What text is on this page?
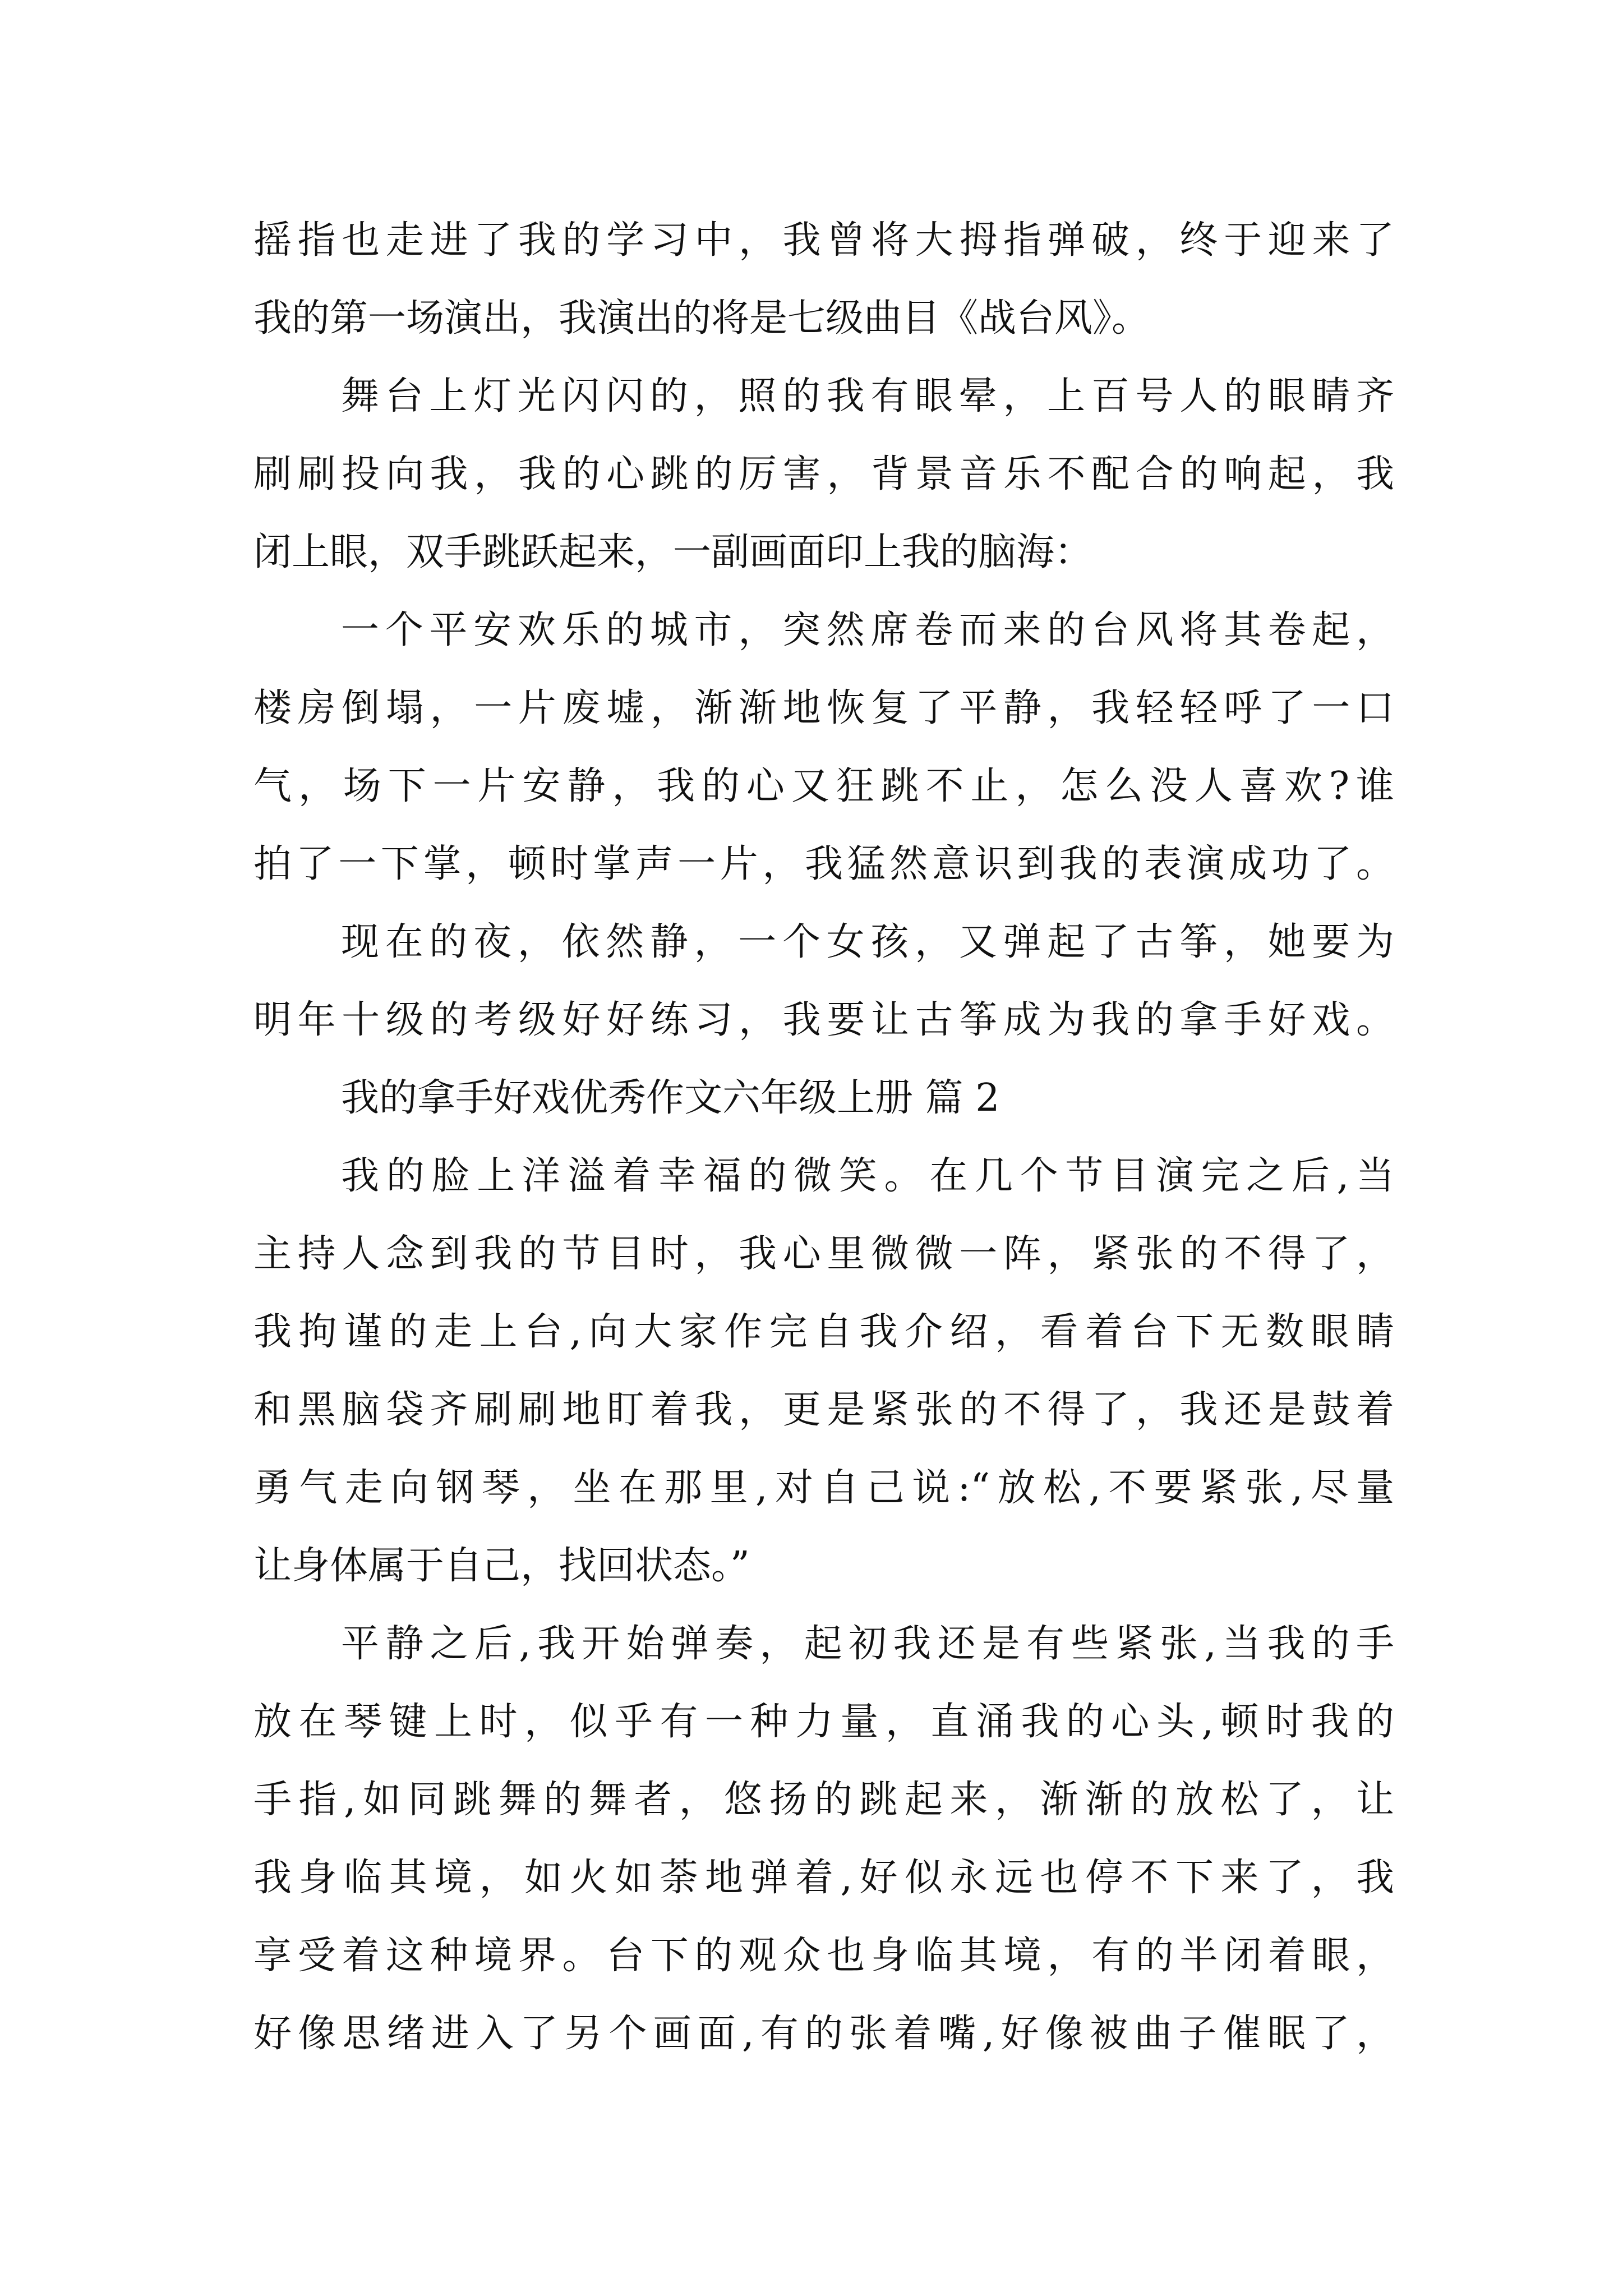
摇指也走进了我的学习中，我曾将大拇指弹破，终于迎来了
我的第一场演出，我演出的将是七级曲目《战台风》。
舞台上灯光闪闪的，照的我有眼晕，上百号人的眼睛齐
刷刷投向我，我的心跳的厉害，背景音乐不配合的响起，我
闭上眼，双手跳跃起来，一副画面印上我的脑海：
一个平安欢乐的城市，突然席卷而来的台风将其卷起，
楼房倒塌，一片废墟，渐渐地恢复了平静，我轻轻呼了一口
气，场下一片安静，我的心又狂跳不止，怎么没人喜欢?谁
拍了一下掌，顿时掌声一片，我猛然意识到我的表演成功了。
现在的夜，依然静，一个女孩，又弹起了古筝，她要为
明年十级的考级好好练习，我要让古筝成为我的拿手好戏。
我的拿手好戏优秀作文六年级上册 篇 2
我的脸上洋溢着幸福的微笑。在几个节目演完之后,当
主持人念到我的节目时，我心里微微一阵，紧张的不得了，
我拘谨的走上台,向大家作完自我介绍，看着台下无数眼睛
和黑脑袋齐刷刷地盯着我，更是紧张的不得了，我还是鼓着
勇气走向钢琴，坐在那里,对自己说:“放松,不要紧张,尽量
让身体属于自己，找回状态。”
平静之后,我开始弹奏，起初我还是有些紧张,当我的手
放在琴键上时，似乎有一种力量，直涌我的心头,顿时我的
手指,如同跳舞的舞者，悠扬的跳起来，渐渐的放松了，让
我身临其境，如火如荼地弹着,好似永远也停不下来了，我
享受着这种境界。台下的观众也身临其境，有的半闭着眼，
好像思绪进入了另个画面,有的张着嘴,好像被曲子催眠了，
